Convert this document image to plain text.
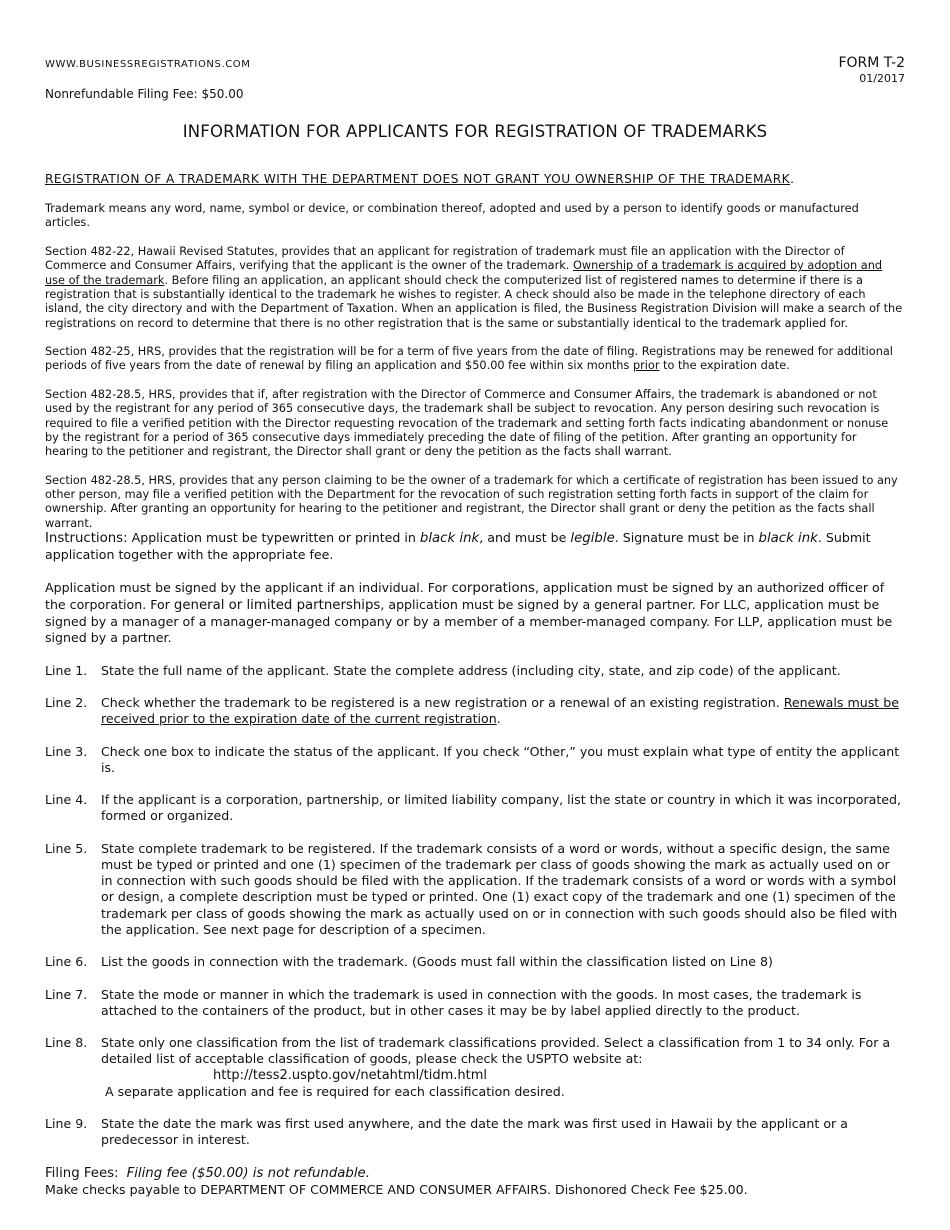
WWW.BUSINESSREGISTRATIONS.COM
Nonrefundable Filing Fee: $50.00
FORM T-2
01/2017
INFORMATION FOR APPLICANTS FOR REGISTRATION OF TRADEMARKS
REGISTRATION OF A TRADEMARK WITH THE DEPARTMENT DOES NOT GRANT YOU OWNERSHIP OF THE TRADEMARK.

Trademark means any word, name, symbol or device, or combination thereof, adopted and used by a person to identify goods or manufactured articles.

Section 482-22, Hawaii Revised Statutes, provides that an applicant for registration of trademark must file an application with the Director of Commerce and Consumer Affairs, verifying that the applicant is the owner of the trademark. Ownership of a trademark is acquired by adoption and use of the trademark. Before filing an application, an applicant should check the computerized list of registered names to determine if there is a registration that is substantially identical to the trademark he wishes to register. A check should also be made in the telephone directory of each island, the city directory and with the Department of Taxation. When an application is filed, the Business Registration Division will make a search of the registrations on record to determine that there is no other registration that is the same or substantially identical to the trademark applied for.

Section 482-25, HRS, provides that the registration will be for a term of five years from the date of filing. Registrations may be renewed for additional periods of five years from the date of renewal by filing an application and $50.00 fee within six months prior to the expiration date.

Section 482-28.5, HRS, provides that if, after registration with the Director of Commerce and Consumer Affairs, the trademark is abandoned or not used by the registrant for any period of 365 consecutive days, the trademark shall be subject to revocation. Any person desiring such revocation is required to file a verified petition with the Director requesting revocation of the trademark and setting forth facts indicating abandonment or nonuse by the registrant for a period of 365 consecutive days immediately preceding the date of filing of the petition. After granting an opportunity for hearing to the petitioner and registrant, the Director shall grant or deny the petition as the facts shall warrant.

Section 482-28.5, HRS, provides that any person claiming to be the owner of a trademark for which a certificate of registration has been issued to any other person, may file a verified petition with the Department for the revocation of such registration setting forth facts in support of the claim for ownership. After granting an opportunity for hearing to the petitioner and registrant, the Director shall grant or deny the petition as the facts shall warrant.

Instructions: Application must be typewritten or printed in black ink, and must be legible. Signature must be in black ink. Submit application together with the appropriate fee.

Application must be signed by the applicant if an individual. For corporations, application must be signed by an authorized officer of the corporation. For general or limited partnerships, application must be signed by a general partner. For LLC, application must be signed by a manager of a manager-managed company or by a member of a member-managed company. For LLP, application must be signed by a partner.

Line 1. State the full name of the applicant. State the complete address (including city, state, and zip code) of the applicant.
Line 2. Check whether the trademark to be registered is a new registration or a renewal of an existing registration. Renewals must be received prior to the expiration date of the current registration.
Line 3. Check one box to indicate the status of the applicant. If you check “Other,” you must explain what type of entity the applicant is.
Line 4. If the applicant is a corporation, partnership, or limited liability company, list the state or country in which it was incorporated, formed or organized.
Line 5. State complete trademark to be registered. If the trademark consists of a word or words, without a specific design, the same must be typed or printed and one (1) specimen of the trademark per class of goods showing the mark as actually used on or in connection with such goods should be filed with the application. If the trademark consists of a word or words with a symbol or design, a complete description must be typed or printed. One (1) exact copy of the trademark and one (1) specimen of the trademark per class of goods showing the mark as actually used on or in connection with such goods should also be filed with the application. See next page for description of a specimen.
Line 6. List the goods in connection with the trademark. (Goods must fall within the classification listed on Line 8)
Line 7. State the mode or manner in which the trademark is used in connection with the goods. In most cases, the trademark is attached to the containers of the product, but in other cases it may be by label applied directly to the product.
Line 8. State only one classification from the list of trademark classifications provided. Select a classification from 1 to 34 only. For a detailed list of acceptable classification of goods, please check the USPTO website at:
http://tess2.uspto.gov/netahtml/tidm.html
A separate application and fee is required for each classification desired.
Line 9. State the date the mark was first used anywhere, and the date the mark was first used in Hawaii by the applicant or a predecessor in interest.
Filing Fees: Filing fee ($50.00) is not refundable.
Make checks payable to DEPARTMENT OF COMMERCE AND CONSUMER AFFAIRS. Dishonored Check Fee $25.00.
